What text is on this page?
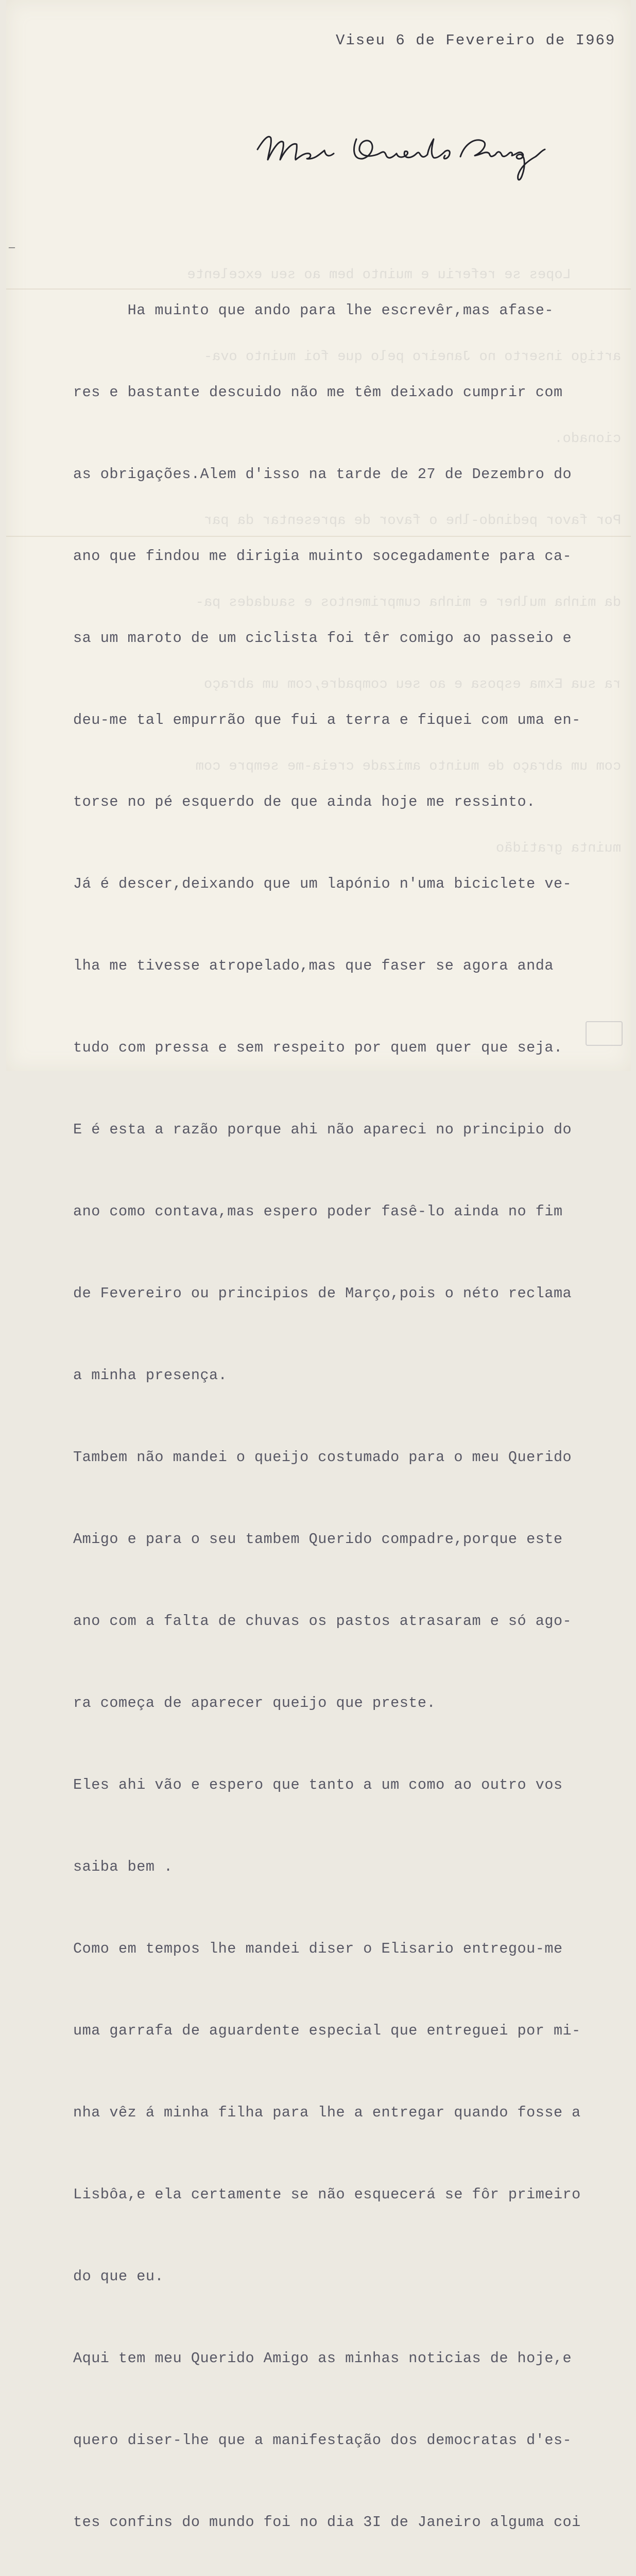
Lopes se referiu e muinto bem ao seu excelente

artigo inserto no Janeiro pelo que foi muinto ova-

cionado.

Por favor pedindo-lhe o favor de apresentar da par

da minha mulher e minha cumprimentos e saudades pa-

ra sua Exma esposa e ao seu compadre,com um abraço

com um abraço de muinto amizade creia-me sempre com

muinta gratidão

—
Viseu 6 de Fevereiro de I969

Ha muinto que ando para lhe escrevêr,mas afase-

res e bastante descuido não me têm deixado cumprir com

as obrigações.Alem d'isso na tarde de 27 de Dezembro do

ano que findou me dirigia muinto socegadamente para ca-

sa um maroto de um ciclista foi têr comigo ao passeio e

deu-me tal empurrão que fui a terra e fiquei com uma en-

torse no pé esquerdo de que ainda hoje me ressinto.

Já é descer,deixando que um lapónio n'uma biciclete ve-

lha me tivesse atropelado,mas que faser se agora anda

tudo com pressa e sem respeito por quem quer que seja.

E é esta a razão porque ahi não apareci no principio do

ano como contava,mas espero poder fasê-lo ainda no fim

de Fevereiro ou principios de Março,pois o néto reclama

a minha presença.

Tambem não mandei o queijo costumado para o meu Querido

Amigo e para o seu tambem Querido compadre,porque este

ano com a falta de chuvas os pastos atrasaram e só ago-

ra começa de aparecer queijo que preste.

Eles ahi vão e espero que tanto a um como ao outro vos

saiba bem .

Como em tempos lhe mandei diser o Elisario entregou-me

uma garrafa de aguardente especial que entreguei por mi-

nha vêz á minha filha para lhe a entregar quando fosse a

Lisbôa,e ela certamente se não esquecerá se fôr primeiro

do que eu.

Aqui tem meu Querido Amigo as minhas noticias de hoje,e

quero diser-lhe que a manifestação dos democratas d'es-

tes confins do mundo foi no dia 3I de Janeiro alguma coi
